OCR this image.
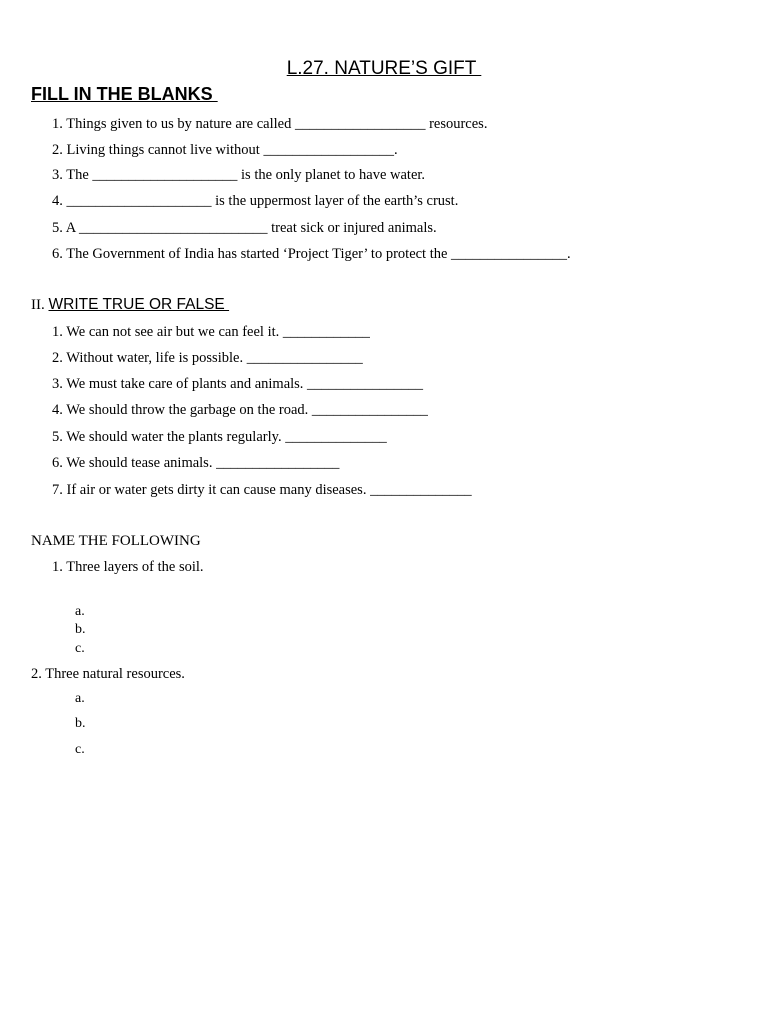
L.27. NATURE’S GIFT
FILL IN THE BLANKS
1. Things given to us by nature are called __________________ resources.
2. Living things cannot live without __________________.
3. The ____________________ is the only planet to have water.
4. ____________________ is the uppermost layer of the earth’s crust.
5. A __________________________ treat sick or injured animals.
6. The Government of India has started ‘Project Tiger’ to protect the ________________.
II. WRITE TRUE OR FALSE
1. We can not see air but we can feel it. ____________
2. Without water, life is possible. ________________
3. We must take care of plants and animals. ________________
4. We should throw the garbage on the road. ________________
5. We should water the plants regularly. ______________
6. We should tease animals. _________________
7. If air or water gets dirty it can cause many diseases. ______________
NAME THE FOLLOWING
1. Three layers of the soil.
a.
b.
c.
2. Three natural resources.
a.
b.
c.
